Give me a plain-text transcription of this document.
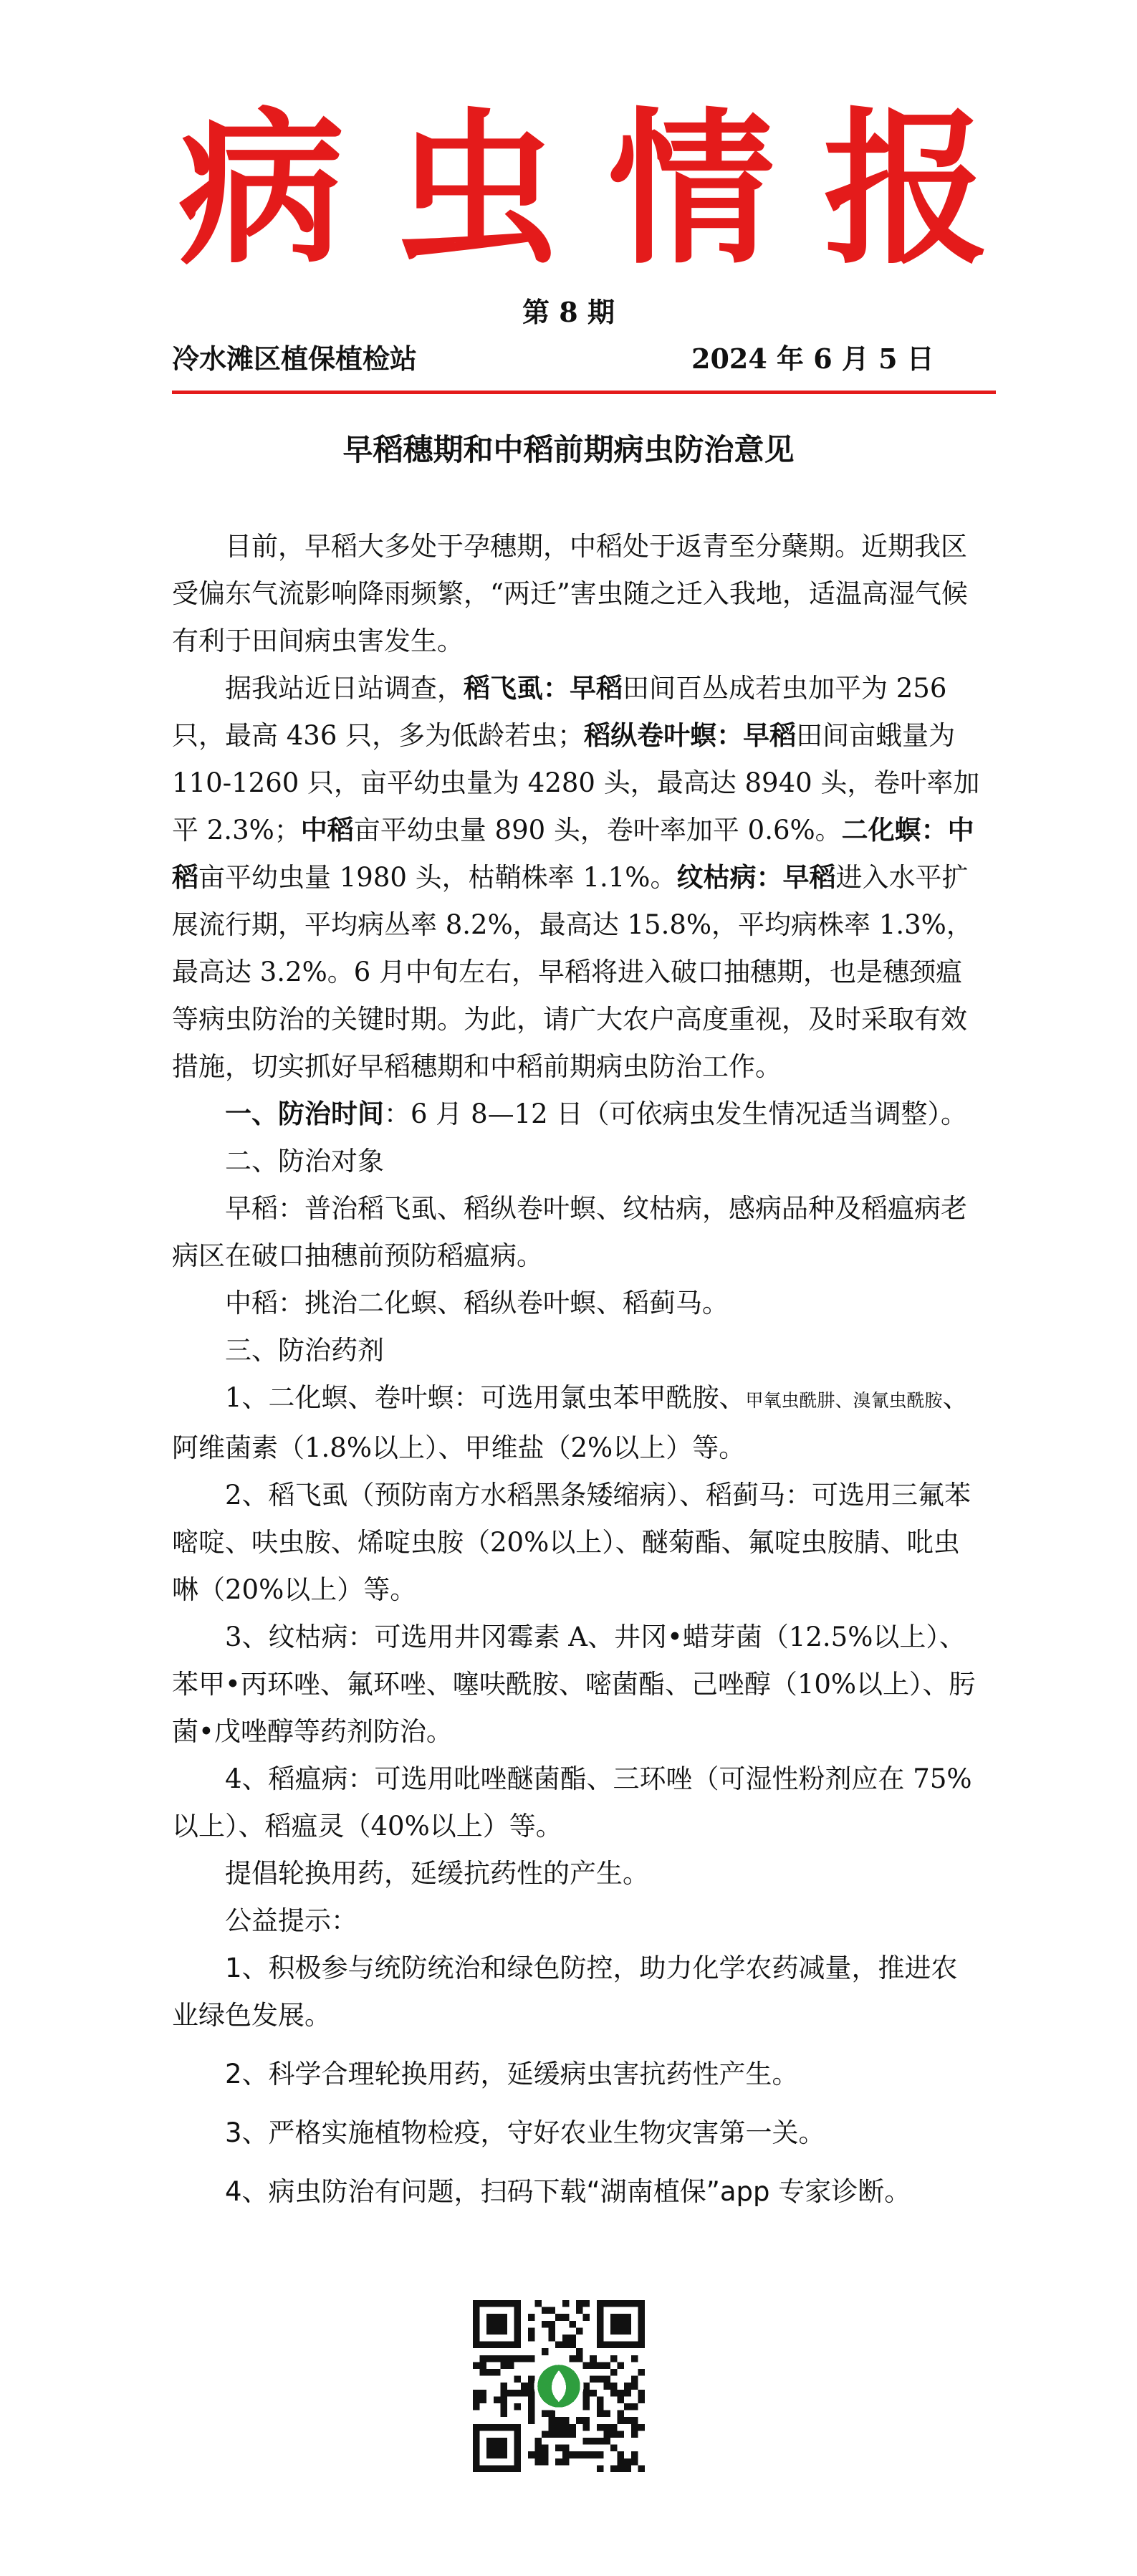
病 虫 情 报
第 8 期
冷水滩区植保植检站	2024 年 6 月 5 日
早稻穗期和中稻前期病虫防治意见

目前，早稻大多处于孕穗期，中稻处于返青至分蘖期。近期我区受偏东气流影响降雨频繁，“两迁”害虫随之迁入我地，适温高湿气候有利于田间病虫害发生。

据我站近日站调查，稻飞虱：早稻田间百丛成若虫加平为 256 只，最高 436 只，多为低龄若虫；稻纵卷叶螟：早稻田间亩蛾量为 110-1260 只，亩平幼虫量为 4280 头，最高达 8940 头，卷叶率加平 2.3%；中稻亩平幼虫量 890 头，卷叶率加平 0.6%。二化螟：中稻亩平幼虫量 1980 头，枯鞘株率 1.1%。纹枯病：早稻进入水平扩展流行期，平均病丛率 8.2%，最高达 15.8%，平均病株率 1.3%，最高达 3.2%。6 月中旬左右，早稻将进入破口抽穗期，也是穗颈瘟等病虫防治的关键时期。为此，请广大农户高度重视，及时采取有效措施，切实抓好早稻穗期和中稻前期病虫防治工作。

一、防治时间：6 月 8—12 日（可依病虫发生情况适当调整）。

二、防治对象

早稻：普治稻飞虱、稻纵卷叶螟、纹枯病，感病品种及稻瘟病老病区在破口抽穗前预防稻瘟病。

中稻：挑治二化螟、稻纵卷叶螟、稻蓟马。

三、防治药剂

1、二化螟、卷叶螟：可选用氯虫苯甲酰胺、甲氧虫酰肼、溴氰虫酰胺、阿维菌素（1.8%以上）、甲维盐（2%以上）等。

2、稻飞虱（预防南方水稻黑条矮缩病）、稻蓟马：可选用三氟苯嘧啶、呋虫胺、烯啶虫胺（20%以上）、醚菊酯、氟啶虫胺腈、吡虫啉（20%以上）等。

3、纹枯病：可选用井冈霉素 A、井冈•蜡芽菌（12.5%以上）、苯甲•丙环唑、氟环唑、噻呋酰胺、嘧菌酯、己唑醇（10%以上）、肟菌•戊唑醇等药剂防治。

4、稻瘟病：可选用吡唑醚菌酯、三环唑（可湿性粉剂应在 75%以上）、稻瘟灵（40%以上）等。

提倡轮换用药，延缓抗药性的产生。

公益提示：

1、积极参与统防统治和绿色防控，助力化学农药减量，推进农业绿色发展。

2、科学合理轮换用药，延缓病虫害抗药性产生。

3、严格实施植物检疫，守好农业生物灾害第一关。

4、病虫防治有问题，扫码下载“湖南植保”app 专家诊断。
